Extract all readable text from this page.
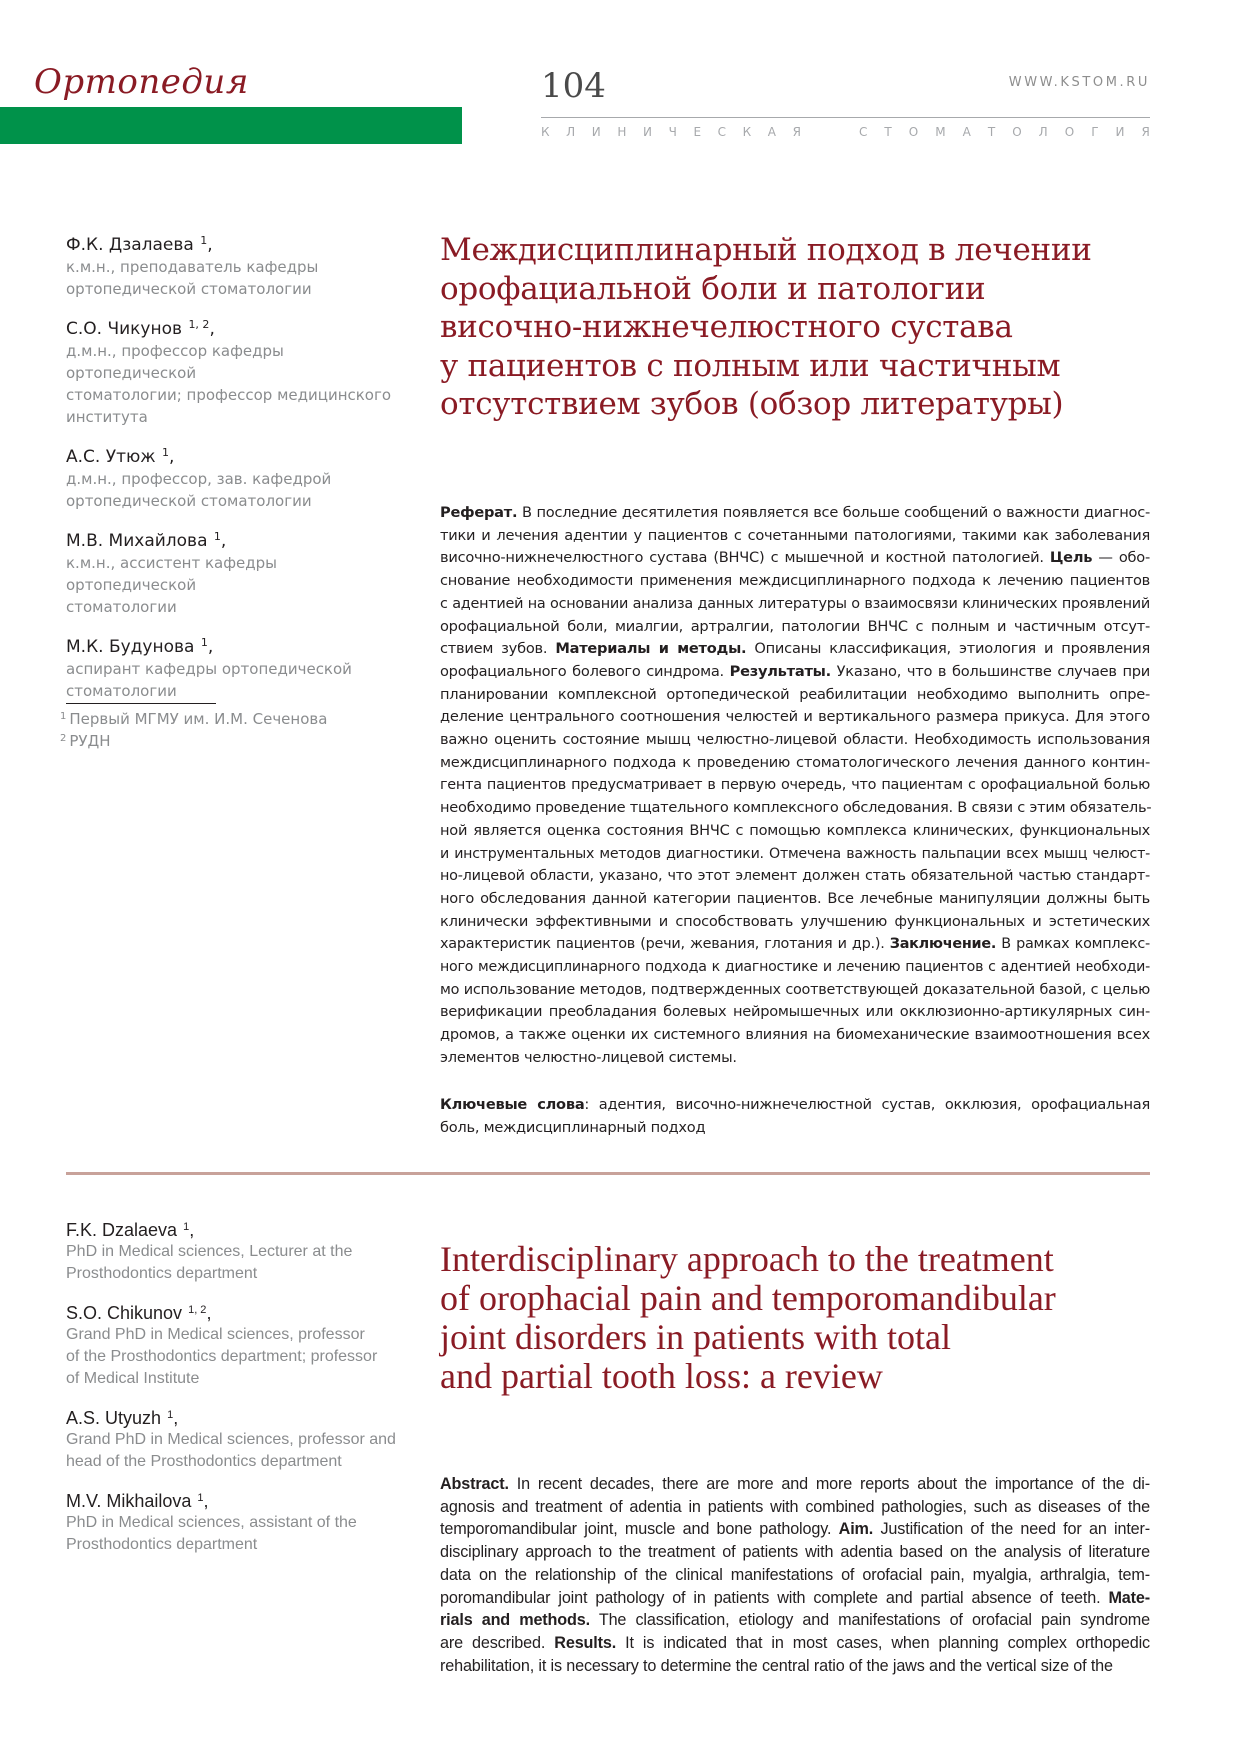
Ортопедия	104	WWW.KSTOM.RU
К Л И Н И Ч Е С К А Я	С Т О М А Т О Л О Г И Я
Ф.К. Дзалаева $^1$,
к.м.н., преподаватель кафедры
ортопедической стоматологии
С.О. Чикунов $^{1, 2}$,
д.м.н., профессор кафедры ортопедической
стоматологии; профессор медицинского
института
А.С. Утюж $^1$,
д.м.н., профессор, зав. кафедрой
ортопедической стоматологии
М.В. Михайлова $^1$,
к.м.н., ассистент кафедры ортопедической
стоматологии
М.К. Будунова $^1$,
аспирант кафедры ортопедической
стоматологии
$^1$ Первый МГМУ им. И.М. Сеченова
$^2$ РУДН
Междисциплинарный подход в лечении
орофациальной боли и патологии
височно-нижнечелюстного сустава
у пациентов с полным или частичным
отсутствием зубов (обзор литературы)
Реферат. В последние десятилетия появляется все больше сообщений о важности диагнос-
тики и лечения адентии у пациентов с сочетанными патологиями, такими как заболевания
височно-нижнечелюстного сустава (ВНЧС) с мышечной и костной патологией. Цель — обо-
снование необходимости применения междисциплинарного подхода к лечению пациентов
с адентией на основании анализа данных литературы о взаимосвязи клинических проявлений
орофациальной боли, миалгии, артралгии, патологии ВНЧС с полным и частичным отсут-
ствием зубов. Материалы и методы. Описаны классификация, этиология и проявления
орофациального болевого синдрома. Результаты. Указано, что в большинстве случаев при
планировании комплексной ортопедической реабилитации необходимо выполнить опре-
деление центрального соотношения челюстей и вертикального размера прикуса. Для этого
важно оценить состояние мышц челюстно-лицевой области. Необходимость использования
междисциплинарного подхода к проведению стоматологического лечения данного контин-
гента пациентов предусматривает в первую очередь, что пациентам с орофациальной болью
необходимо проведение тщательного комплексного обследования. В связи с этим обязатель-
ной является оценка состояния ВНЧС с помощью комплекса клинических, функциональных
и инструментальных методов диагностики. Отмечена важность пальпации всех мышц челюст-
но-лицевой области, указано, что этот элемент должен стать обязательной частью стандарт-
ного обследования данной категории пациентов. Все лечебные манипуляции должны быть
клинически эффективными и способствовать улучшению функциональных и эстетических
характеристик пациентов (речи, жевания, глотания и др.). Заключение. В рамках комплекс-
ного междисциплинарного подхода к диагностике и лечению пациентов с адентией необходи-
мо использование методов, подтвержденных соответствующей доказательной базой, с целью
верификации преобладания болевых нейромышечных или окклюзионно-артикулярных син-
дромов, а также оценки их системного влияния на биомеханические взаимоотношения всех
элементов челюстно-лицевой системы.
Ключевые слова: адентия, височно-нижнечелюстной сустав, окклюзия, орофациальная
боль, междисциплинарный подход
F.K. Dzalaeva $^1$,
PhD in Medical sciences, Lecturer at the
Prosthodontics department
S.O. Chikunov $^{1, 2}$,
Grand PhD in Medical sciences, professor
of the Prosthodontics department; professor
of Medical Institute
A.S. Utyuzh $^1$,
Grand PhD in Medical sciences, professor and
head of the Prosthodontics department
M.V. Mikhailova $^1$,
PhD in Medical sciences, assistant of the
Prosthodontics department
Interdisciplinary approach to the treatment
of orophacial pain and temporomandibular
joint disorders in patients with total
and partial tooth loss: a review
Abstract. In recent decades, there are more and more reports about the importance of the di-
agnosis and treatment of adentia in patients with combined pathologies, such as diseases of the
temporomandibular joint, muscle and bone pathology. Aim. Justification of the need for an inter-
disciplinary approach to the treatment of patients with adentia based on the analysis of literature
data on the relationship of the clinical manifestations of orofacial pain, myalgia, arthralgia, tem-
poromandibular joint pathology of in patients with complete and partial absence of teeth. Mate-
rials and methods. The classification, etiology and manifestations of orofacial pain syndrome
are described. Results. It is indicated that in most cases, when planning complex orthopedic
rehabilitation, it is necessary to determine the central ratio of the jaws and the vertical size of the
